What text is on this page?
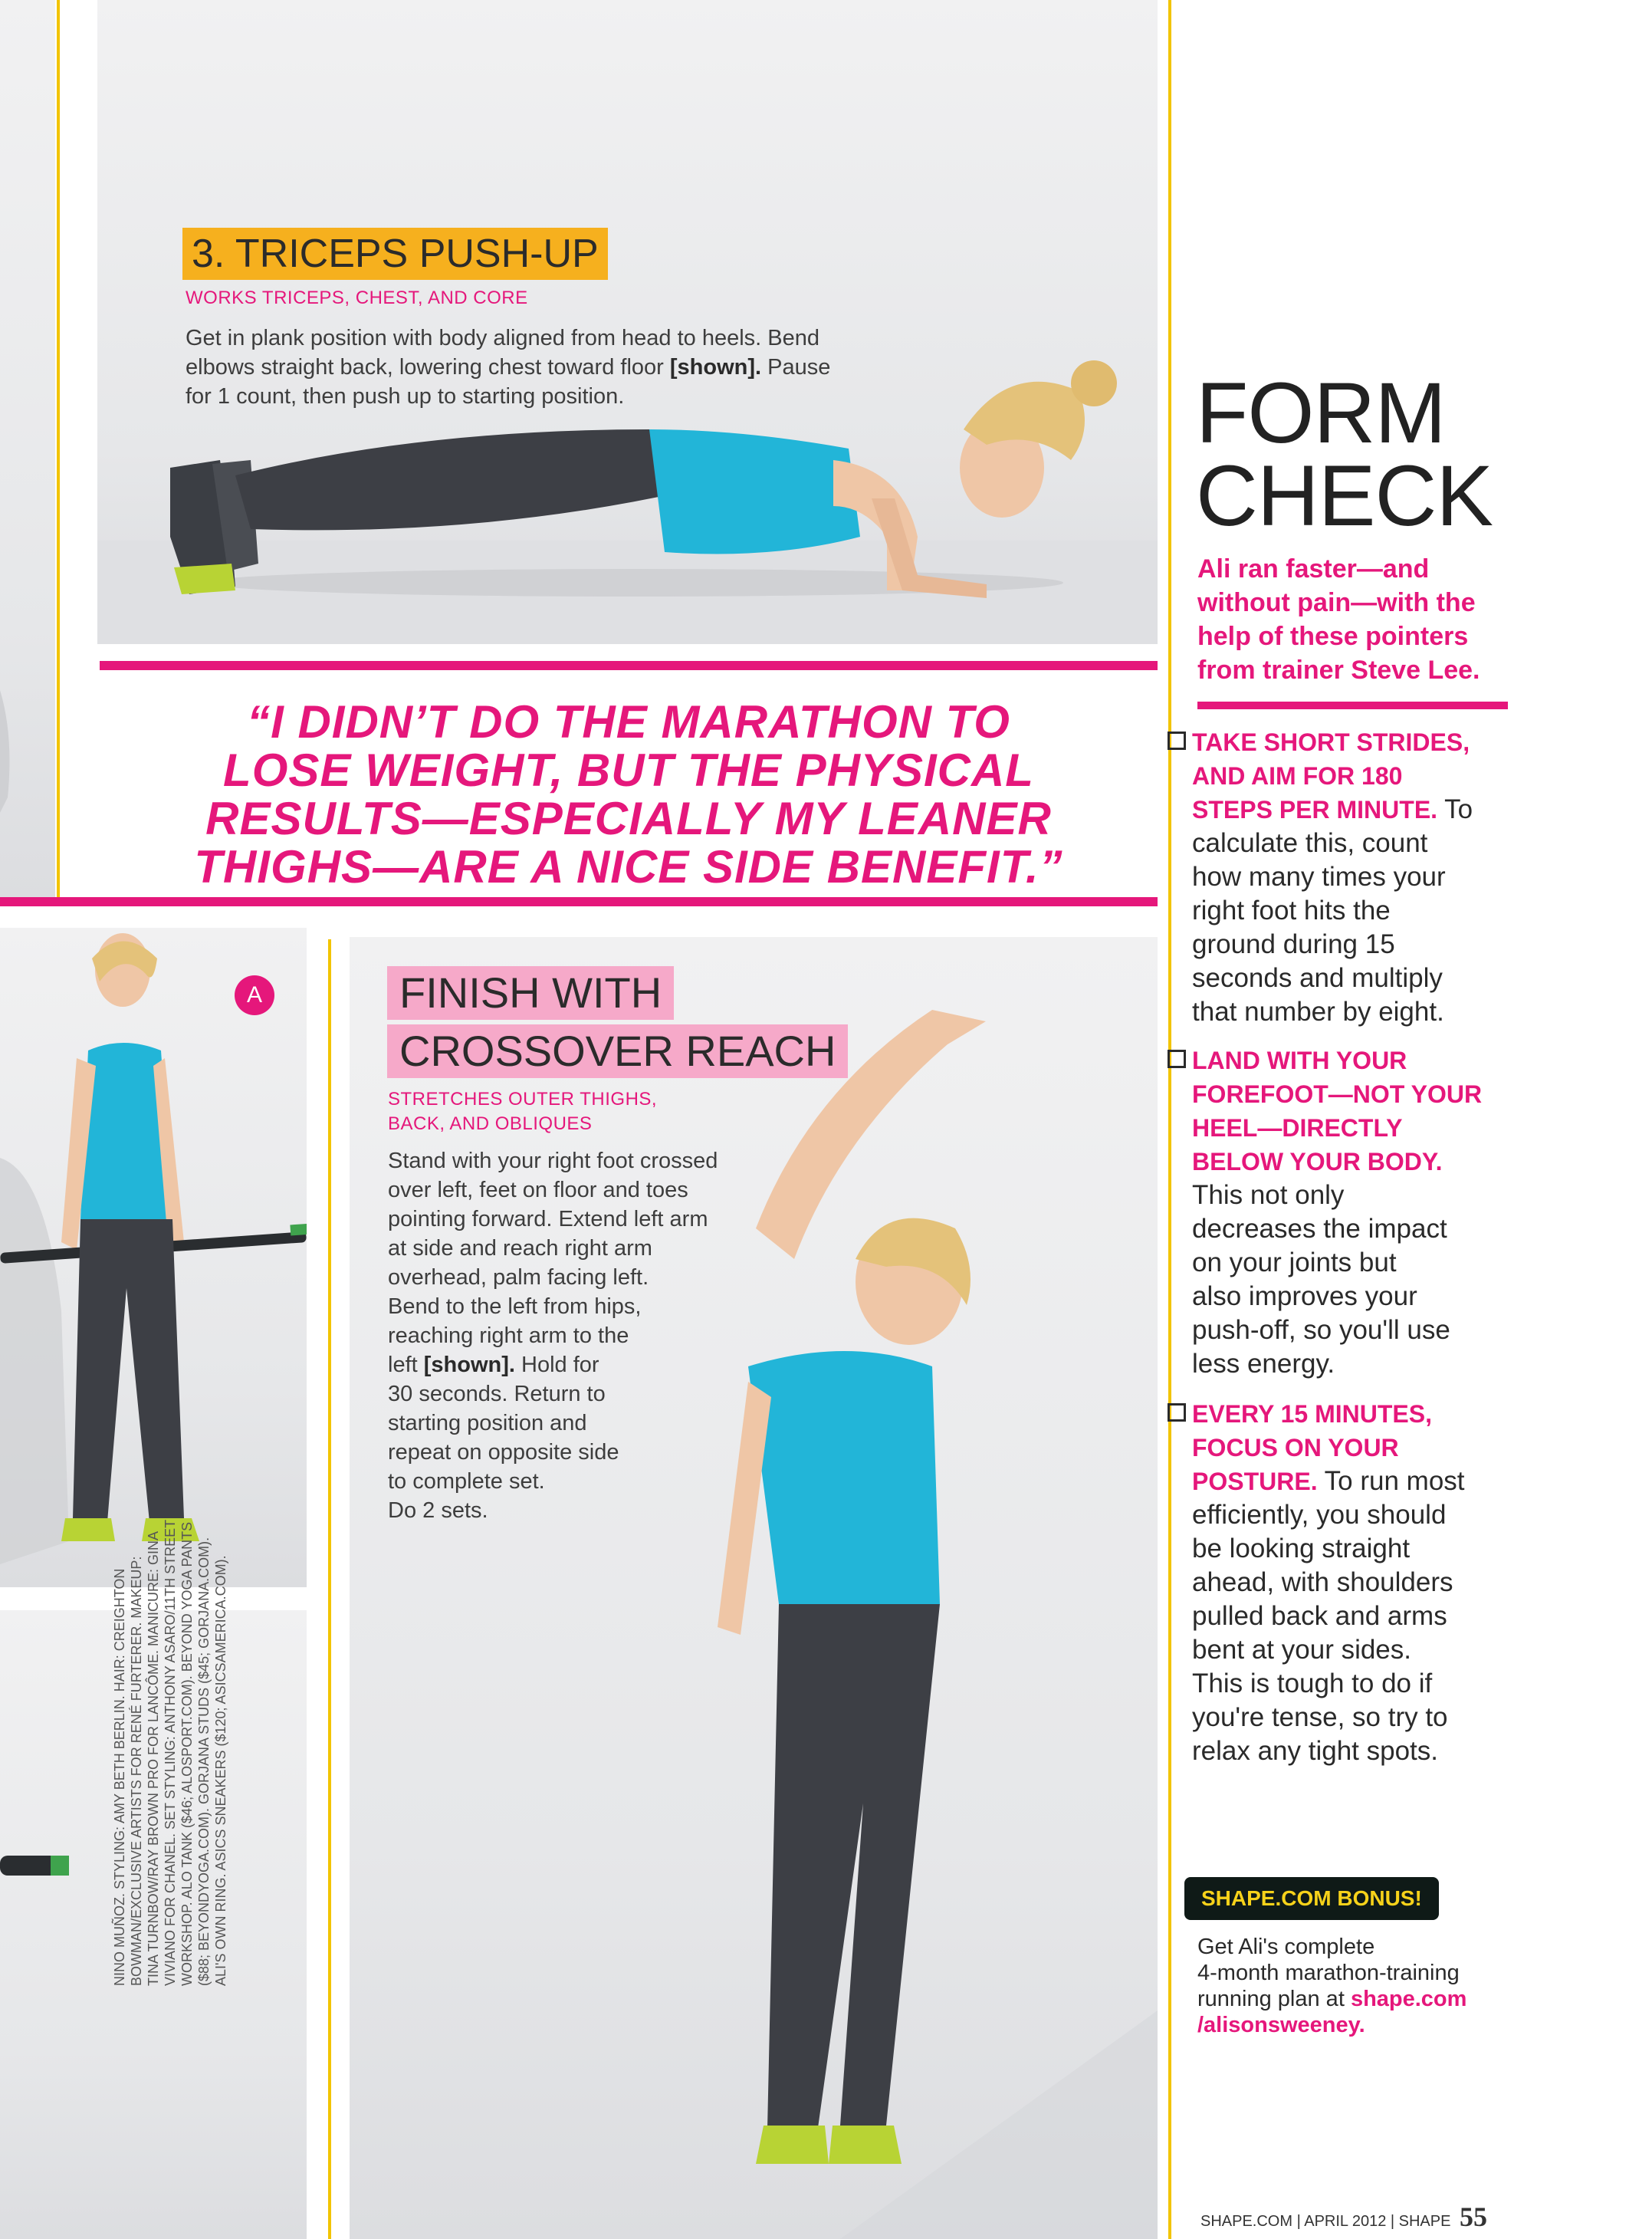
3. TRICEPS PUSH-UP
WORKS TRICEPS, CHEST, AND CORE
Get in plank position with body aligned from head to heels. Bend
elbows straight back, lowering chest toward floor [shown]. Pause
for 1 count, then push up to starting position.
“I DIDN’T DO THE MARATHON TO
LOSE WEIGHT, BUT THE PHYSICAL
RESULTS—ESPECIALLY MY LEANER
THIGHS—ARE A NICE SIDE BENEFIT.”
A
NINO MUÑOZ. STYLING: AMY BETH BERLIN. HAIR: CREIGHTON BOWMAN/EXCLUSIVE ARTISTS FOR RENÉ FURTERER. MAKEUP: TINA TURNBOW/RAY BROWN PRO FOR LANCÔME. MANICURE: GINA VIVIANO FOR CHANEL. SET STYLING: ANTHONY ASARO/11TH STREET WORKSHOP. ALO TANK ($46; ALOSPORT.COM). BEYOND YOGA PANTS ($88; BEYONDYOGA.COM). GORJANA STUDS ($45; GORJANA.COM). ALI'S OWN RING. ASICS SNEAKERS ($120; ASICSAMERICA.COM).
FINISH WITH
CROSSOVER REACH
STRETCHES OUTER THIGHS,
BACK, AND OBLIQUES
Stand with your right foot crossed
over left, feet on floor and toes
pointing forward. Extend left arm
at side and reach right arm
overhead, palm facing left.
Bend to the left from hips,
reaching right arm to the
left [shown]. Hold for
30 seconds. Return to
starting position and
repeat on opposite side
to complete set.
Do 2 sets.
FORM
CHECK
Ali ran faster—and
without pain—with the
help of these pointers
from trainer Steve Lee.
TAKE SHORT STRIDES,
AND AIM FOR 180
STEPS PER MINUTE. To
calculate this, count
how many times your
right foot hits the
ground during 15
seconds and multiply
that number by eight.
LAND WITH YOUR
FOREFOOT—NOT YOUR
HEEL—DIRECTLY
BELOW YOUR BODY.
This not only
decreases the impact
on your joints but
also improves your
push-off, so you'll use
less energy.
EVERY 15 MINUTES,
FOCUS ON YOUR
POSTURE. To run most
efficiently, you should
be looking straight
ahead, with shoulders
pulled back and arms
bent at your sides.
This is tough to do if
you're tense, so try to
relax any tight spots.
SHAPE.COM BONUS!
Get Ali's complete
4-month marathon-training
running plan at shape.com
/alisonsweeney.
SHAPE.COM | APRIL 2012 | SHAPE 55
